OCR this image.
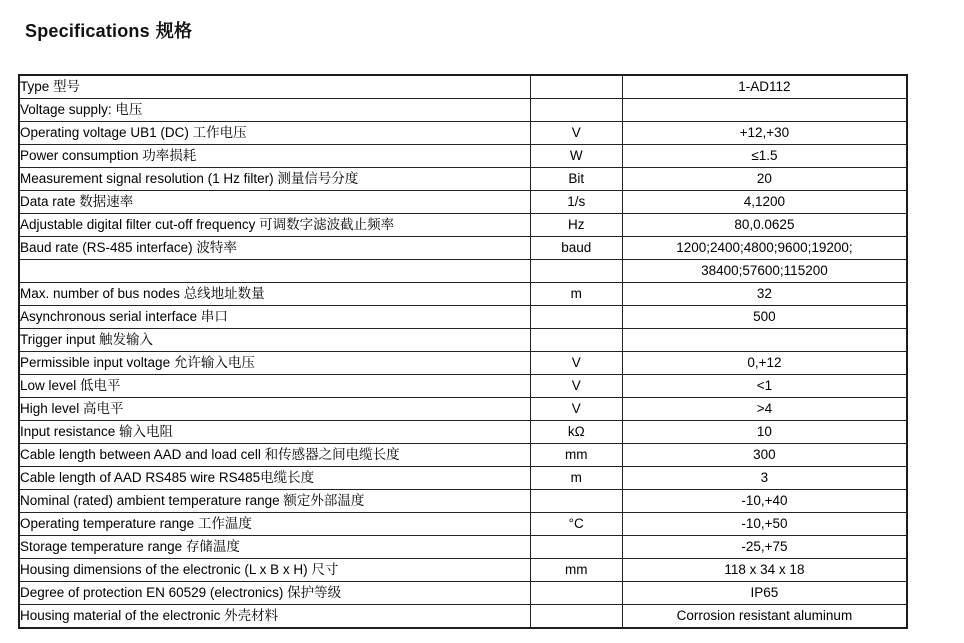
Specifications 规格
Type 型号		1-AD112
Voltage supply: 电压		
Operating voltage UB1 (DC) 工作电压	V	+12,+30
Power consumption 功率损耗	W	≤1.5
Measurement signal resolution (1 Hz filter) 测量信号分度	Bit	20
Data rate 数据速率	1/s	4,1200
Adjustable digital filter cut-off frequency 可调数字滤波截止频率	Hz	80,0.0625
Baud rate (RS-485 interface) 波特率	baud	1200;2400;4800;9600;19200;
		38400;57600;115200
Max. number of bus nodes 总线地址数量	m	32
Asynchronous serial interface 串口		500
Trigger input 触发输入		
Permissible input voltage 允许输入电压	V	0,+12
Low level 低电平	V	<1
High level 高电平	V	>4
Input resistance 输入电阻	kΩ	10
Cable length between AAD and load cell 和传感器之间电缆长度	mm	300
Cable length of AAD RS485 wire RS485电缆长度	m	3
Nominal (rated) ambient temperature range 额定外部温度		-10,+40
Operating temperature range 工作温度	°C	-10,+50
Storage temperature range 存储温度		-25,+75
Housing dimensions of the electronic (L x B x H) 尺寸	mm	118 x 34 x 18
Degree of protection EN 60529 (electronics) 保护等级		IP65
Housing material of the electronic 外壳材料		Corrosion resistant aluminum
